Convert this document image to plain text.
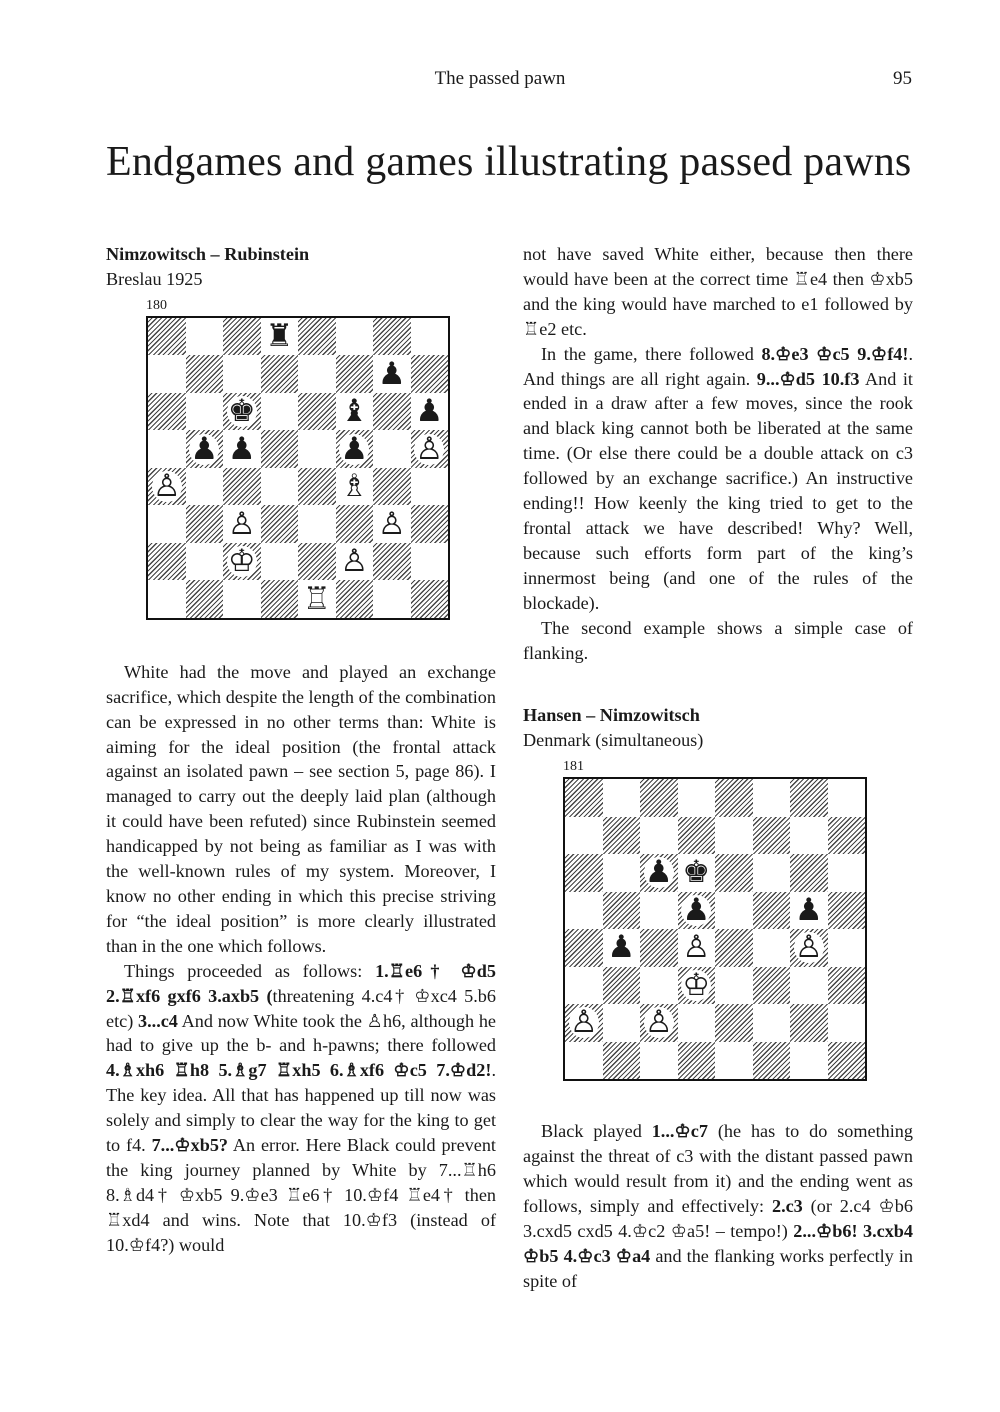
The passed pawn	95
Endgames and games illustrating passed pawns

Nimzowitsch – Rubinstein

Breslau 1925

180
♜
♟
♚	♝ ♟
♟ ♟	♟ ♙
♙	♗
♙	♙
♔	♙
♖

White had the move and played an exchange sacrifice, which despite the length of the combination can be expressed in no other terms than: White is aiming for the ideal position (the frontal attack against an isolated pawn – see section 5, page 86). I managed to carry out the deeply laid plan (although it could have been refuted) since Rubinstein seemed handicapped by not being as familiar as I was with the well-known rules of my system. Moreover, I know no other ending in which this precise striving for “the ideal position” is more clearly illustrated than in the one which follows.

Things proceeded as follows: 1.♖e6† ♔d5 2.♖xf6 gxf6 3.axb5 (threatening 4.c4† ♔xc4 5.b6 etc) 3...c4 And now White took the ♙h6, although he had to give up the b- and h-pawns; there followed 4.♗xh6 ♖h8 5.♗g7 ♖xh5 6.♗xf6 ♔c5 7.♔d2!. The key idea. All that has happened up till now was solely and simply to clear the way for the king to get to f4. 7...♔xb5? An error. Here Black could prevent the king journey planned by White by 7...♖h6 8.♗d4† ♔xb5 9.♔e3 ♖e6† 10.♔f4 ♖e4† then ♖xd4 and wins. Note that 10.♔f3 (instead of 10.♔f4?) would

not have saved White either, because then there would have been at the correct time ♖e4 then ♔xb5 and the king would have marched to e1 followed by ♖e2 etc.

In the game, there followed 8.♔e3 ♔c5 9.♔f4!. And things are all right again. 9...♔d5 10.f3 And it ended in a draw after a few moves, since the rook and black king cannot both be liberated at the same time. (Or else there could be a double attack on c3 followed by an exchange sacrifice.) An instructive ending!! How keenly the king tried to get to the frontal attack we have described! Why? Well, because such efforts form part of the king’s innermost being (and one of the rules of the blockade).

The second example shows a simple case of flanking.

Hansen – Nimzowitsch

Denmark (simultaneous)

181
♟ ♚
♟	♟
♟ ♙	♙
♔
♙ ♙

Black played 1...♔c7 (he has to do something against the threat of c3 with the distant passed pawn which would result from it) and the ending went as follows, simply and effectively: 2.c3 (or 2.c4 ♔b6 3.cxd5 cxd5 4.♔c2 ♔a5! – tempo!) 2...♔b6! 3.cxb4 ♔b5 4.♔c3 ♔a4 and the flanking works perfectly in spite of
